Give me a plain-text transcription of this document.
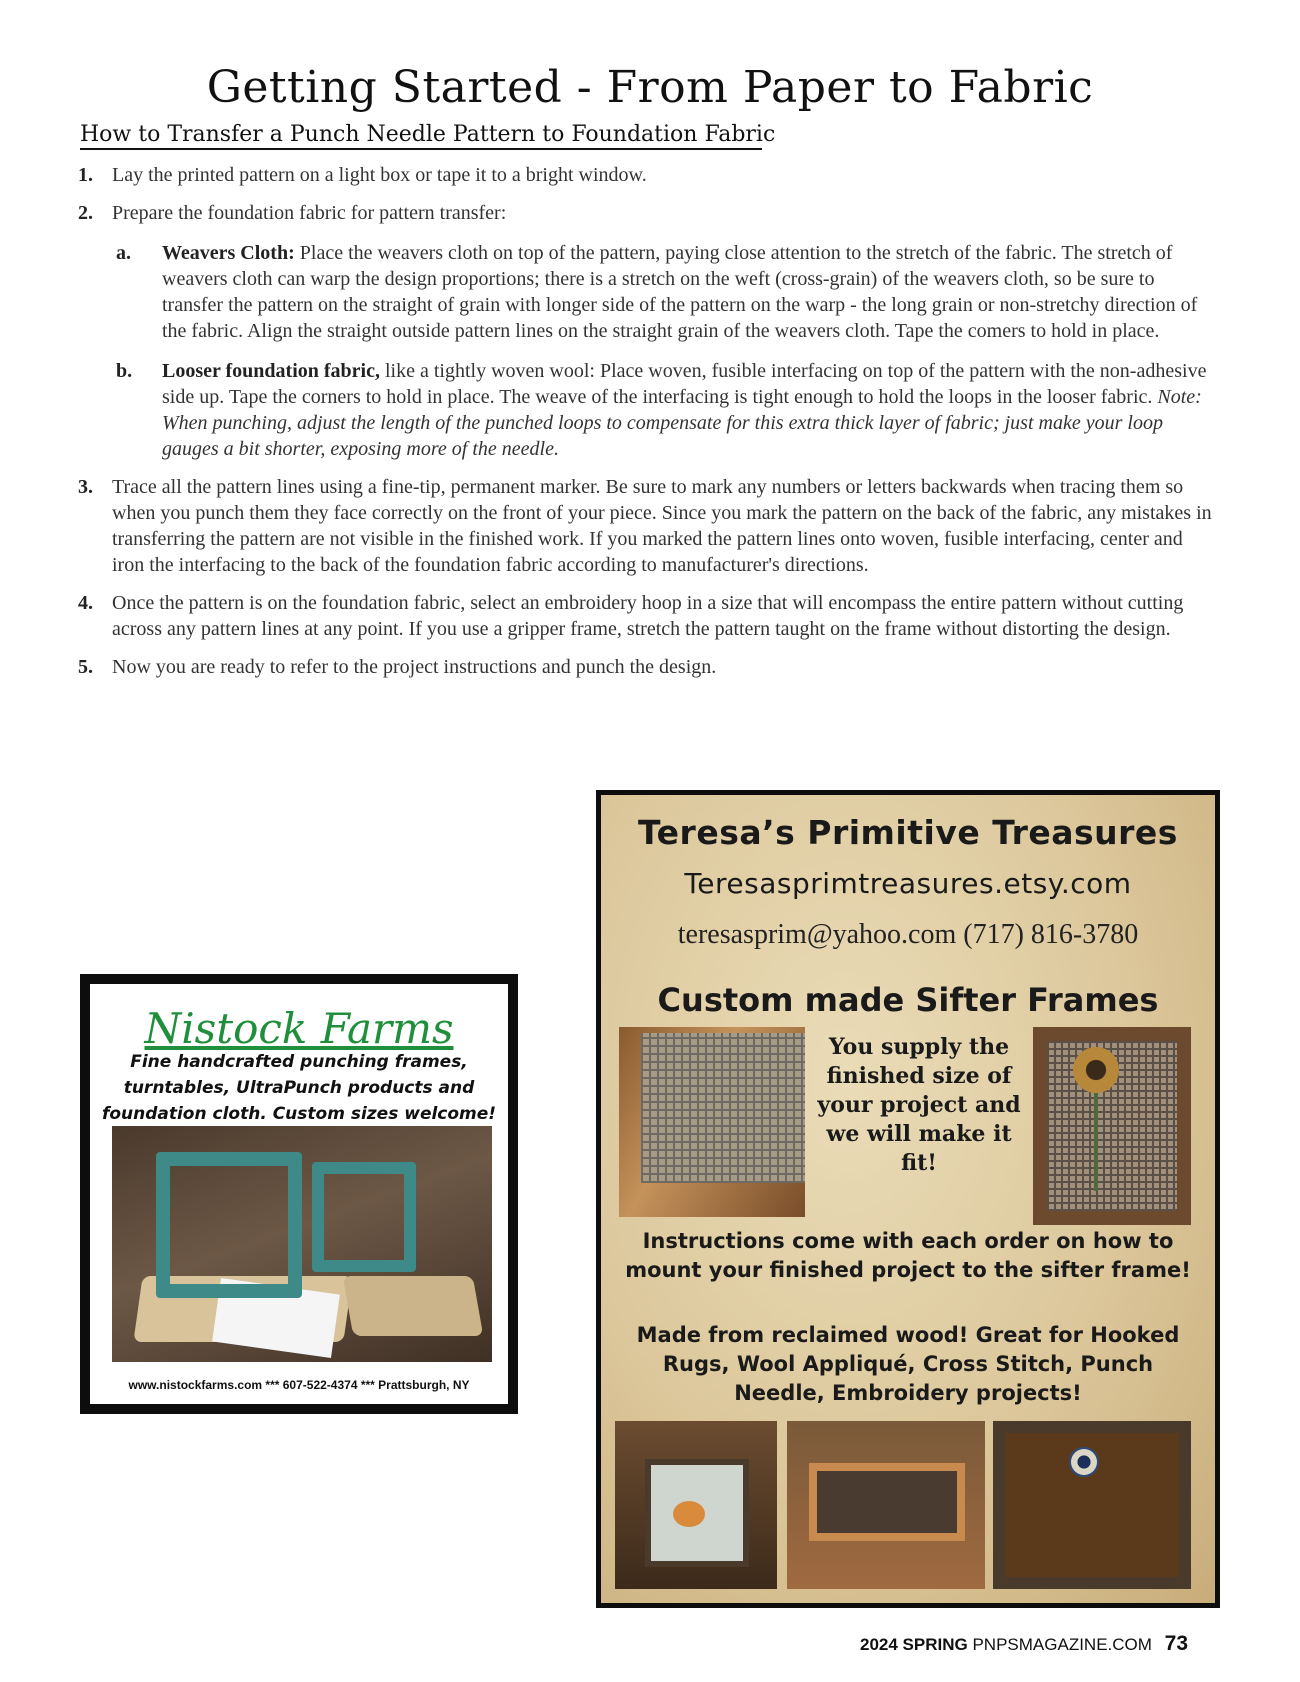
Getting Started - From Paper to Fabric
How to Transfer a Punch Needle Pattern to Foundation Fabric
1. Lay the printed pattern on a light box or tape it to a bright window.
2. Prepare the foundation fabric for pattern transfer:
a.	Weavers Cloth: Place the weavers cloth on top of the pattern, paying close attention to the stretch of the fabric. The stretch of weavers cloth can warp the design proportions; there is a stretch on the weft (cross-grain) of the weavers cloth, so be sure to transfer the pattern on the straight of grain with longer side of the pattern on the warp - the long grain or non-stretchy direction of the fabric. Align the straight outside pattern lines on the straight grain of the weavers cloth. Tape the comers to hold in place.
b.	Looser foundation fabric, like a tightly woven wool: Place woven, fusible interfacing on top of the pattern with the non-adhesive side up. Tape the corners to hold in place. The weave of the interfacing is tight enough to hold the loops in the looser fabric. Note: When punching, adjust the length of the punched loops to compensate for this extra thick layer of fabric; just make your loop gauges a bit shorter, exposing more of the needle.
3. Trace all the pattern lines using a fine-tip, permanent marker. Be sure to mark any numbers or letters backwards when tracing them so when you punch them they face correctly on the front of your piece. Since you mark the pattern on the back of the fabric, any mistakes in transferring the pattern are not visible in the finished work. If you marked the pattern lines onto woven, fusible interfacing, center and iron the interfacing to the back of the foundation fabric according to manufacturer's directions.
4. Once the pattern is on the foundation fabric, select an embroidery hoop in a size that will encompass the entire pattern without cutting across any pattern lines at any point. If you use a gripper frame, stretch the pattern taught on the frame without distorting the design.
5. Now you are ready to refer to the project instructions and punch the design.
Nistock Farms
Fine handcrafted punching frames, turntables, UltraPunch products and foundation cloth. Custom sizes welcome!
www.nistockfarms.com *** 607-522-4374 *** Prattsburgh, NY
Teresa’s Primitive Treasures
Teresasprimtreasures.etsy.com
teresasprim@yahoo.com (717) 816-3780
Custom made Sifter Frames
You supply the finished size of your project and we will make it fit!
Instructions come with each order on how to mount your finished project to the sifter frame!
Made from reclaimed wood! Great for Hooked Rugs, Wool Appliqué, Cross Stitch, Punch Needle, Embroidery projects!
2024 SPRING PNPSMAGAZINE.COM 73
